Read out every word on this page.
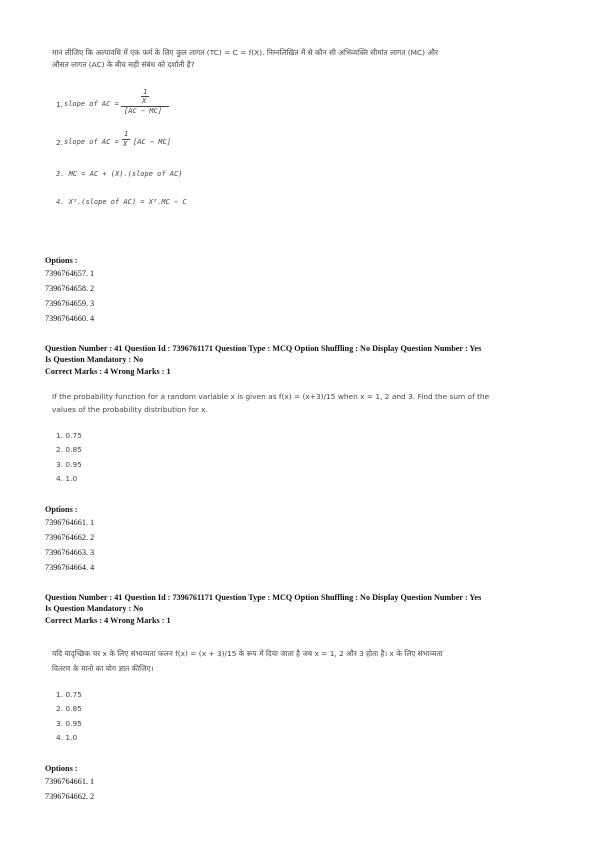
मान लीजिए कि अल्पावधि में एक फर्म के लिए कुल लागत (TC) = C = f(X). निम्नलिखित में से कौन सी अभिव्यक्ति सीमांत लागत (MC) और
औसत लागत (AC) के बीच सही संबंध को दर्शाती है?
1. slope of AC =
1
X
[AC − MC]
2. slope of AC =
1
X [AC − MC]
3. MC = AC + (X).(slope of AC)
4. X².(slope of AC) = X².MC − C
Options :
7396764657. 1
7396764658. 2
7396764659. 3
7396764660. 4
Question Number : 41 Question Id : 7396761171 Question Type : MCQ Option Shuffling : No Display Question Number : Yes
Is Question Mandatory : No
Correct Marks : 4 Wrong Marks : 1
If the probability function for a random variable x is given as f(x) = (x+3)/15 when x = 1, 2 and 3. Find the sum of the
values of the probability distribution for x.
1. 0.75
2. 0.85
3. 0.95
4. 1.0
Options :
7396764661. 1
7396764662. 2
7396764663. 3
7396764664. 4
Question Number : 41 Question Id : 7396761171 Question Type : MCQ Option Shuffling : No Display Question Number : Yes
Is Question Mandatory : No
Correct Marks : 4 Wrong Marks : 1
यदि यादृच्छिक चर x के लिए संभाव्यता फलन f(x) = (x + 3)/15 के रूप में दिया जाता है जब x = 1, 2 और 3 होता है। x के लिए संभाव्यता
वितरण के मानो का योग ज्ञात कीजिए।
1. 0.75
2. 0.85
3. 0.95
4. 1.0
Options :
7396764661. 1
7396764662. 2
